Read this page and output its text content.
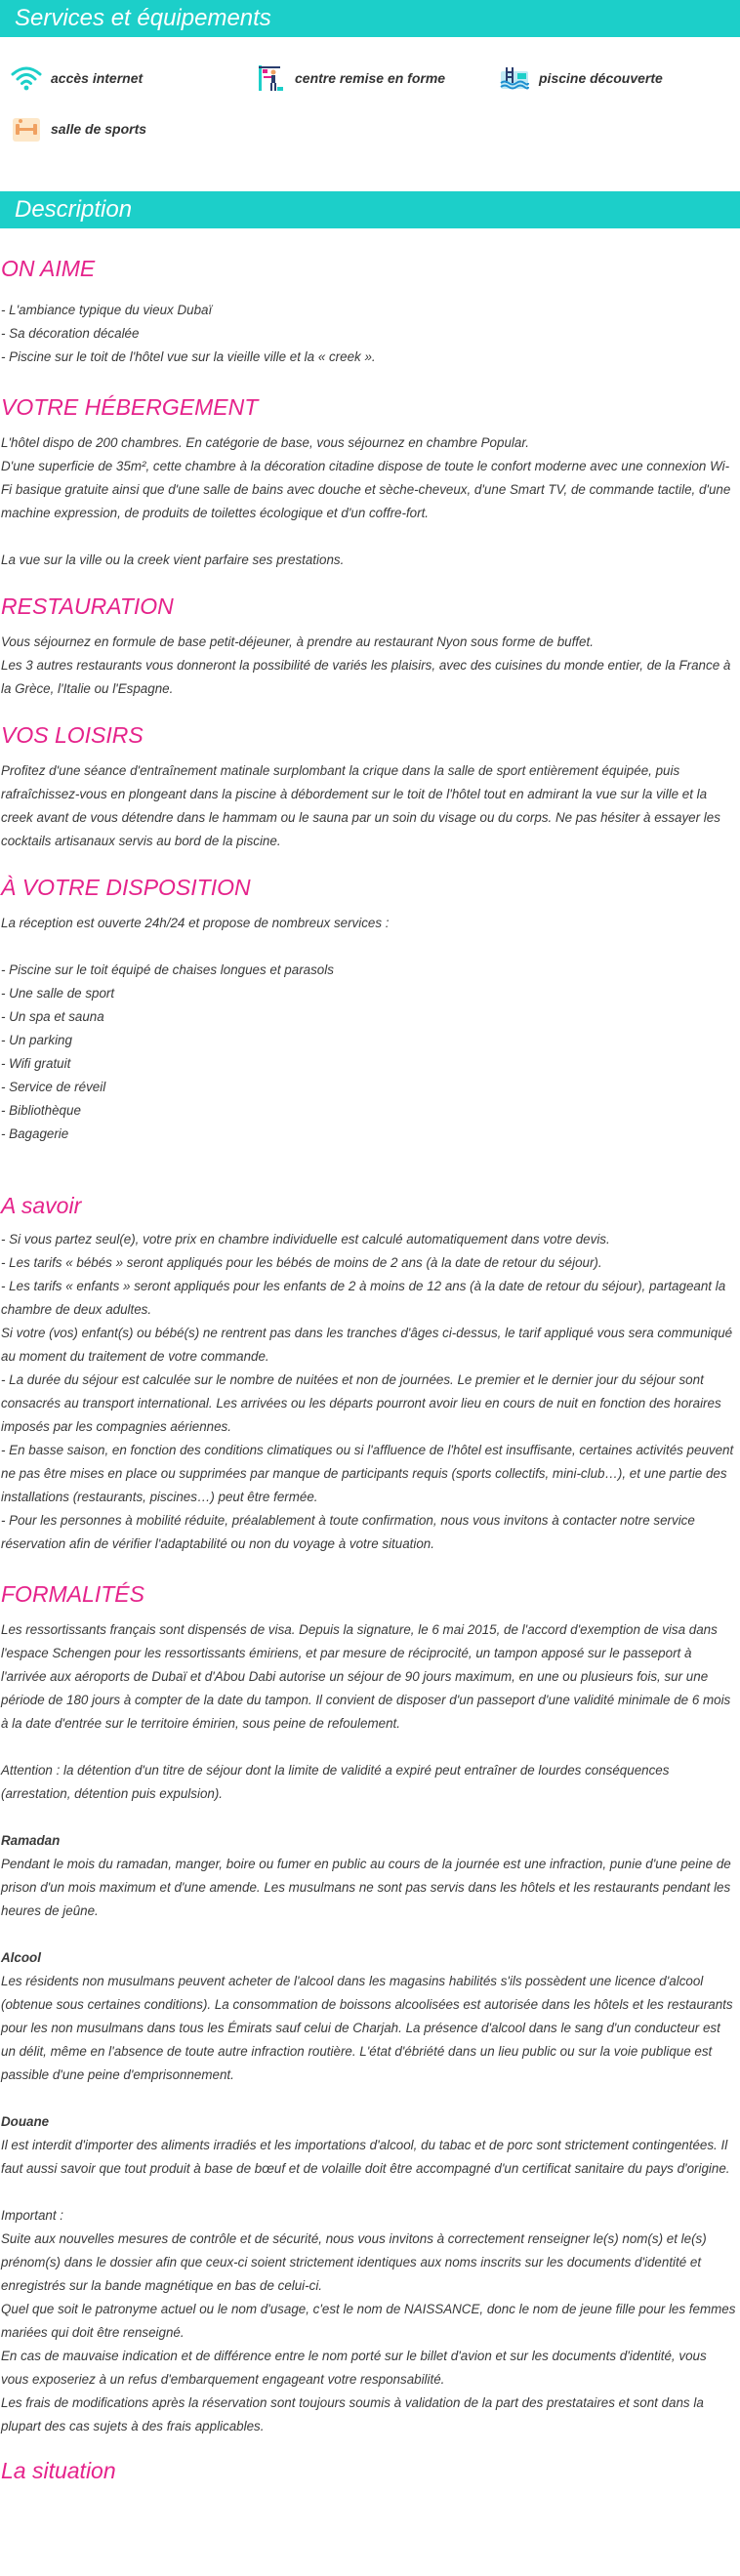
Services et équipements
accès internet	centre remise en forme	piscine découverte
salle de sports
Description
ON AIME

- L'ambiance typique du vieux Dubaï

- Sa décoration décalée

- Piscine sur le toit de l'hôtel vue sur la vieille ville et la « creek ».

VOTRE HÉBERGEMENT

L'hôtel dispo de 200 chambres. En catégorie de base, vous séjournez en chambre Popular.

D'une superficie de 35m², cette chambre à la décoration citadine dispose de toute le confort moderne avec une connexion Wi-Fi basique gratuite ainsi que d'une salle de bains avec douche et sèche-cheveux, d'une Smart TV, de commande tactile, d'une machine expression, de produits de toilettes écologique et d'un coffre-fort.

La vue sur la ville ou la creek vient parfaire ses prestations.

RESTAURATION

Vous séjournez en formule de base petit-déjeuner, à prendre au restaurant Nyon sous forme de buffet.

Les 3 autres restaurants vous donneront la possibilité de variés les plaisirs, avec des cuisines du monde entier, de la France à la Grèce, l'Italie ou l'Espagne.

VOS LOISIRS

Profitez d'une séance d'entraînement matinale surplombant la crique dans la salle de sport entièrement équipée, puis rafraîchissez-vous en plongeant dans la piscine à débordement sur le toit de l'hôtel tout en admirant la vue sur la ville et la creek avant de vous détendre dans le hammam ou le sauna par un soin du visage ou du corps. Ne pas hésiter à essayer les cocktails artisanaux servis au bord de la piscine.

À VOTRE DISPOSITION

La réception est ouverte 24h/24 et propose de nombreux services :

- Piscine sur le toit équipé de chaises longues et parasols

- Une salle de sport

- Un spa et sauna

- Un parking

- Wifi gratuit

- Service de réveil

- Bibliothèque

- Bagagerie

A savoir

- Si vous partez seul(e), votre prix en chambre individuelle est calculé automatiquement dans votre devis.

- Les tarifs « bébés » seront appliqués pour les bébés de moins de 2 ans (à la date de retour du séjour).

- Les tarifs « enfants » seront appliqués pour les enfants de 2 à moins de 12 ans (à la date de retour du séjour), partageant la chambre de deux adultes.

Si votre (vos) enfant(s) ou bébé(s) ne rentrent pas dans les tranches d'âges ci-dessus, le tarif appliqué vous sera communiqué au moment du traitement de votre commande.

- La durée du séjour est calculée sur le nombre de nuitées et non de journées. Le premier et le dernier jour du séjour sont consacrés au transport international. Les arrivées ou les départs pourront avoir lieu en cours de nuit en fonction des horaires imposés par les compagnies aériennes.

- En basse saison, en fonction des conditions climatiques ou si l'affluence de l'hôtel est insuffisante, certaines activités peuvent ne pas être mises en place ou supprimées par manque de participants requis (sports collectifs, mini-club…), et une partie des installations (restaurants, piscines…) peut être fermée.

- Pour les personnes à mobilité réduite, préalablement à toute confirmation, nous vous invitons à contacter notre service réservation afin de vérifier l'adaptabilité ou non du voyage à votre situation.

FORMALITÉS

Les ressortissants français sont dispensés de visa. Depuis la signature, le 6 mai 2015, de l'accord d'exemption de visa dans l'espace Schengen pour les ressortissants émiriens, et par mesure de réciprocité, un tampon apposé sur le passeport à l'arrivée aux aéroports de Dubaï et d'Abou Dabi autorise un séjour de 90 jours maximum, en une ou plusieurs fois, sur une période de 180 jours à compter de la date du tampon. Il convient de disposer d'un passeport d'une validité minimale de 6 mois à la date d'entrée sur le territoire émirien, sous peine de refoulement.

Attention : la détention d'un titre de séjour dont la limite de validité a expiré peut entraîner de lourdes conséquences (arrestation, détention puis expulsion).

Ramadan

Pendant le mois du ramadan, manger, boire ou fumer en public au cours de la journée est une infraction, punie d'une peine de prison d'un mois maximum et d'une amende. Les musulmans ne sont pas servis dans les hôtels et les restaurants pendant les heures de jeûne.

Alcool

Les résidents non musulmans peuvent acheter de l'alcool dans les magasins habilités s'ils possèdent une licence d'alcool (obtenue sous certaines conditions). La consommation de boissons alcoolisées est autorisée dans les hôtels et les restaurants pour les non musulmans dans tous les Émirats sauf celui de Charjah. La présence d'alcool dans le sang d'un conducteur est un délit, même en l'absence de toute autre infraction routière. L'état d'ébriété dans un lieu public ou sur la voie publique est passible d'une peine d'emprisonnement.

Douane

Il est interdit d'importer des aliments irradiés et les importations d'alcool, du tabac et de porc sont strictement contingentées. Il faut aussi savoir que tout produit à base de bœuf et de volaille doit être accompagné d'un certificat sanitaire du pays d'origine.

Important :

Suite aux nouvelles mesures de contrôle et de sécurité, nous vous invitons à correctement renseigner le(s) nom(s) et le(s) prénom(s) dans le dossier afin que ceux-ci soient strictement identiques aux noms inscrits sur les documents d'identité et enregistrés sur la bande magnétique en bas de celui-ci.

Quel que soit le patronyme actuel ou le nom d'usage, c'est le nom de NAISSANCE, donc le nom de jeune fille pour les femmes mariées qui doit être renseigné.

En cas de mauvaise indication et de différence entre le nom porté sur le billet d'avion et sur les documents d'identité, vous vous exposeriez à un refus d'embarquement engageant votre responsabilité.

Les frais de modifications après la réservation sont toujours soumis à validation de la part des prestataires et sont dans la plupart des cas sujets à des frais applicables.

La situation
